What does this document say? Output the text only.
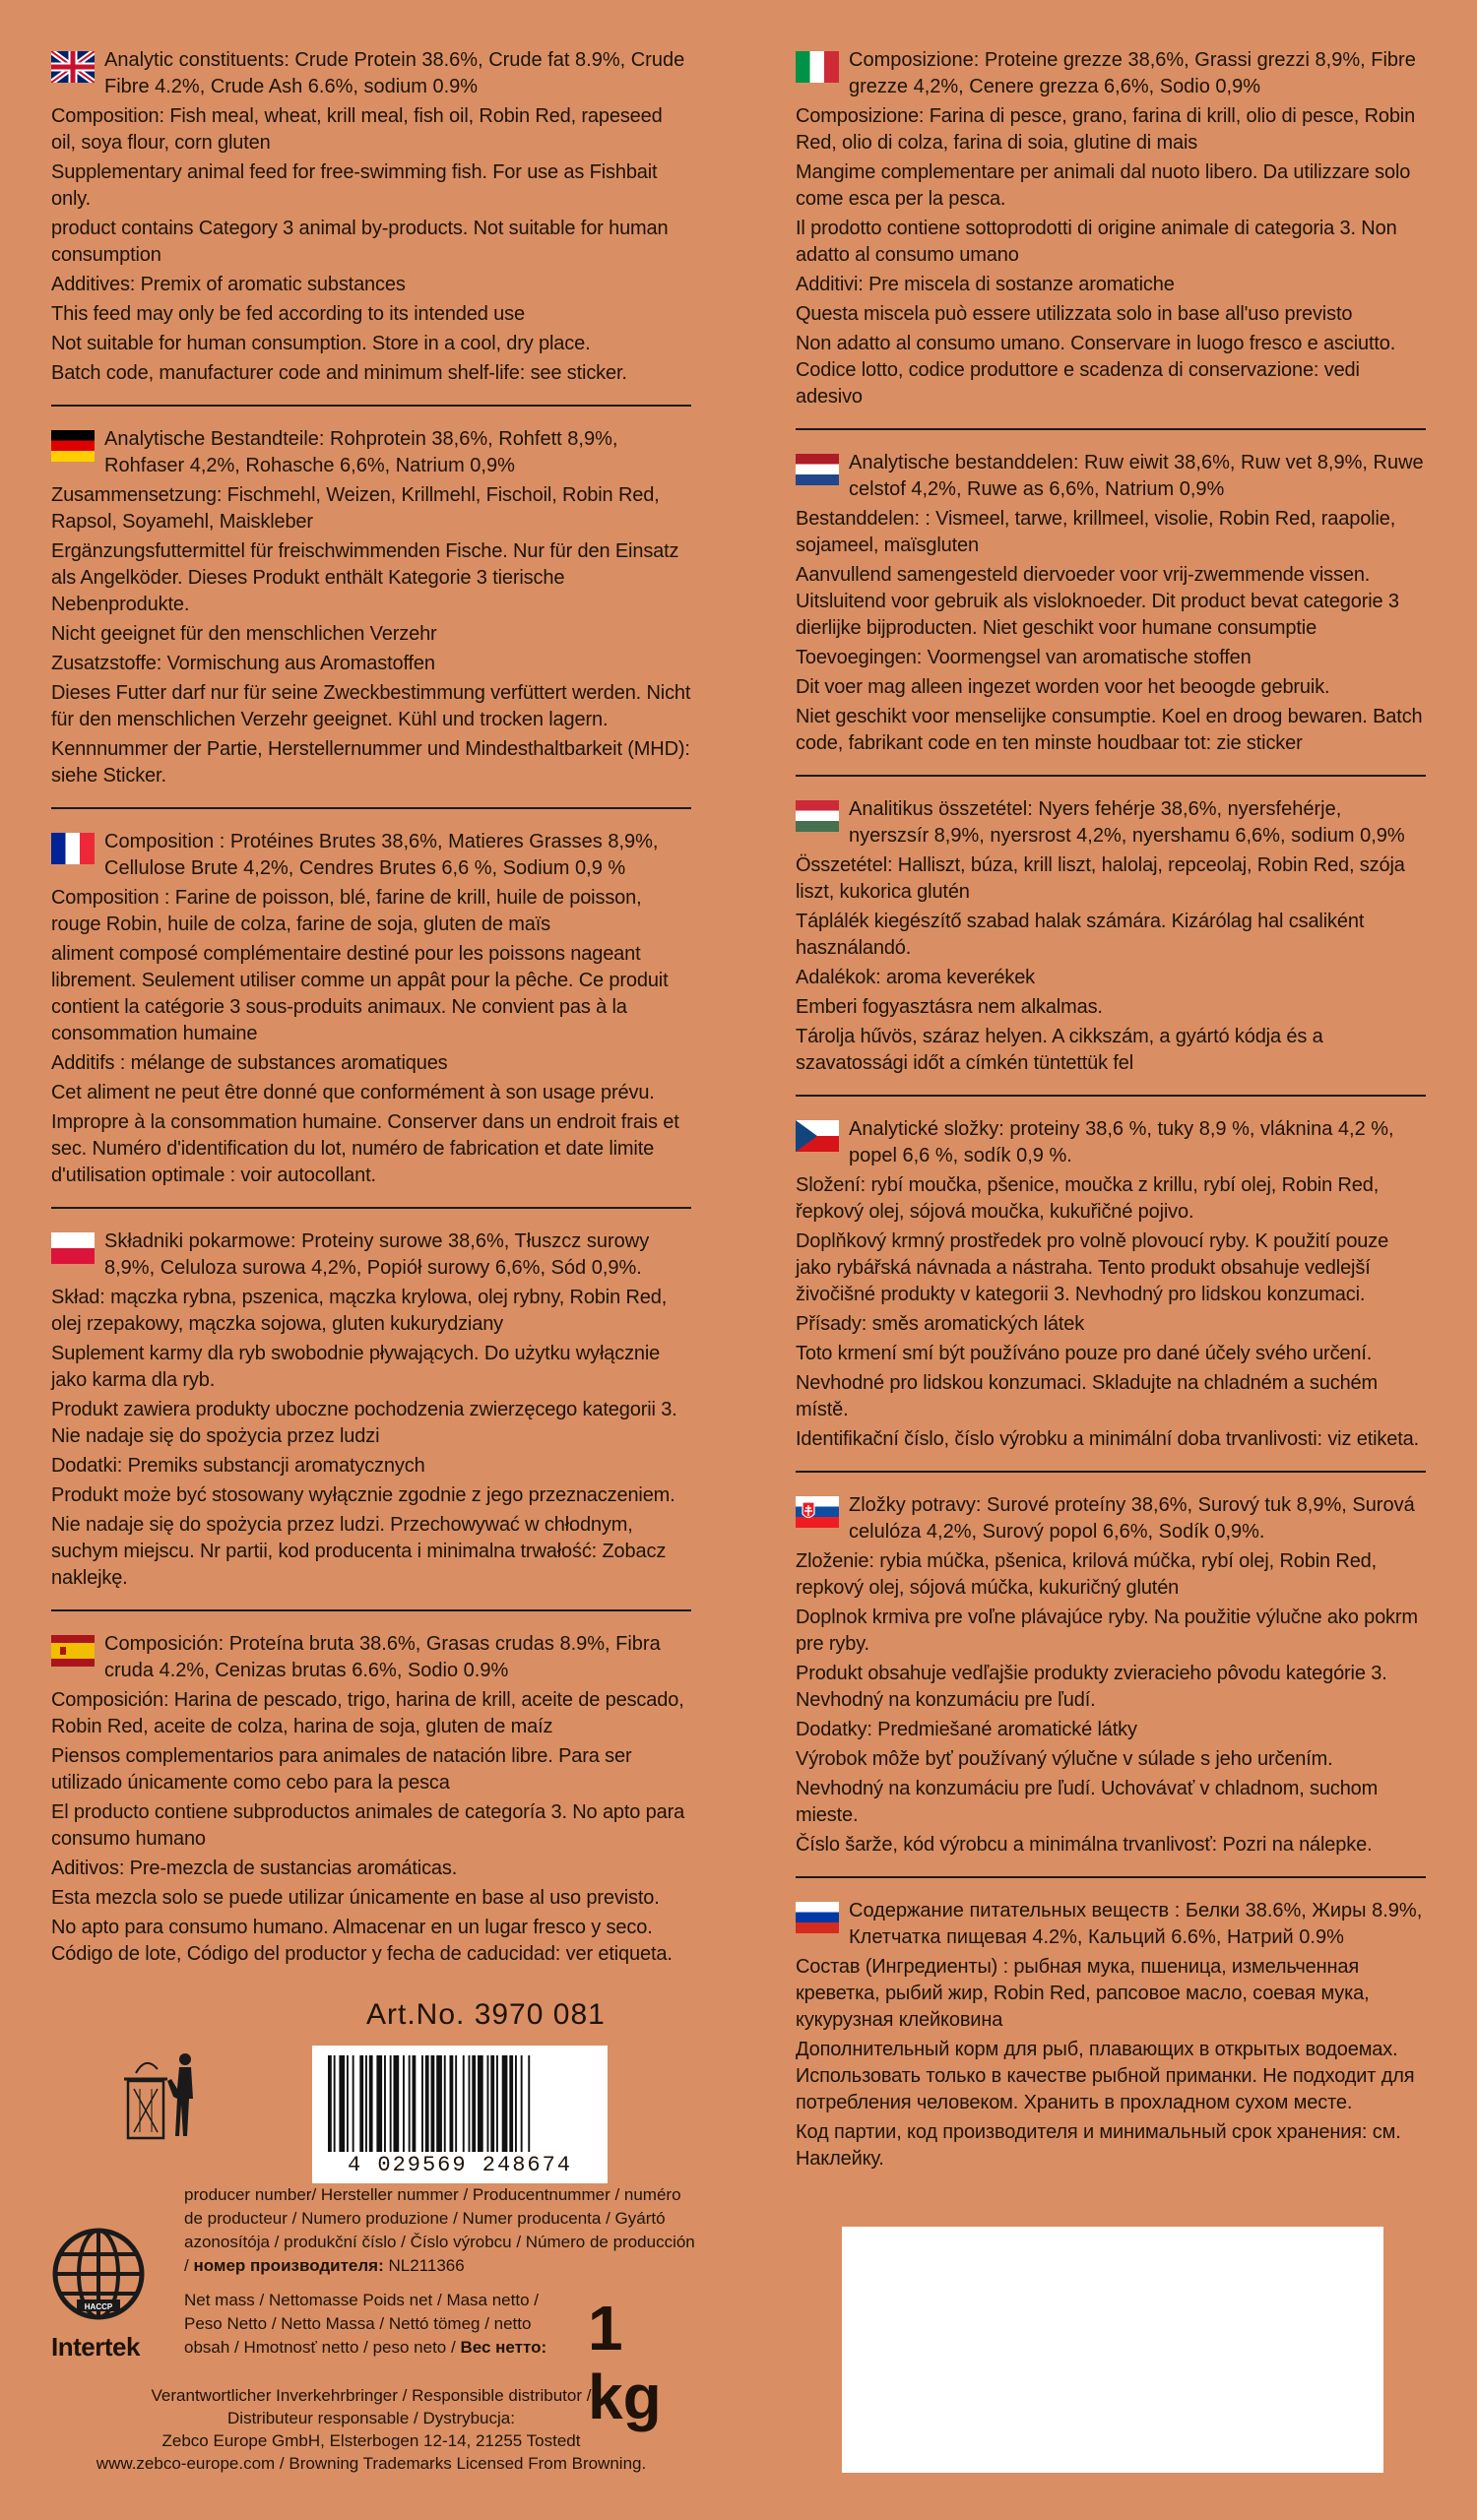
Analytic constituents: Crude Protein 38.6%, Crude fat 8.9%, Crude Fibre 4.2%, Crude Ash 6.6%, sodium 0.9%
Composition: Fish meal, wheat, krill meal, fish oil, Robin Red, rapeseed oil, soya flour, corn gluten
Supplementary animal feed for free-swimming fish. For use as Fishbait only.
product contains Category 3 animal by-products. Not suitable for human consumption
Additives: Premix of aromatic substances
This feed may only be fed according to its intended use
Not suitable for human consumption. Store in a cool, dry place.
Batch code, manufacturer code and minimum shelf-life: see sticker.
Analytische Bestandteile: Rohprotein 38,6%, Rohfett 8,9%, Rohfaser 4,2%, Rohasche 6,6%, Natrium 0,9%
Zusammensetzung: Fischmehl, Weizen, Krillmehl, Fischoil, Robin Red, Rapsol, Soyamehl, Maiskleber
Ergänzungsfuttermittel für freischwimmenden Fische. Nur für den Einsatz als Angelköder. Dieses Produkt enthält Kategorie 3 tierische Nebenprodukte.
Nicht geeignet für den menschlichen Verzehr
Zusatzstoffe: Vormischung aus Aromastoffen
Dieses Futter darf nur für seine Zweckbestimmung verfüttert werden. Nicht für den menschlichen Verzehr geeignet. Kühl und trocken lagern.
Kennnummer der Partie, Herstellernummer und Mindesthaltbarkeit (MHD): siehe Sticker.
Composition : Protéines Brutes 38,6%, Matieres Grasses 8,9%, Cellulose Brute 4,2%, Cendres Brutes 6,6 %, Sodium 0,9 %
Composition : Farine de poisson, blé, farine de krill, huile de poisson, rouge Robin, huile de colza, farine de soja, gluten de maïs
aliment composé complémentaire destiné pour les poissons nageant librement. Seulement utiliser comme un appât pour la pêche. Ce produit contient la catégorie 3 sous-produits animaux. Ne convient pas à la consommation humaine
Additifs : mélange de substances aromatiques
Cet aliment ne peut être donné que conformément à son usage prévu.
Impropre à la consommation humaine. Conserver dans un endroit frais et sec. Numéro d'identification du lot, numéro de fabrication et date limite d'utilisation optimale : voir autocollant.
Składniki pokarmowe: Proteiny surowe 38,6%, Tłuszcz surowy 8,9%, Celuloza surowa 4,2%, Popiół surowy 6,6%, Sód 0,9%.
Skład: mączka rybna, pszenica, mączka krylowa, olej rybny, Robin Red, olej rzepakowy, mączka sojowa, gluten kukurydziany
Suplement karmy dla ryb swobodnie pływających. Do użytku wyłącznie jako karma dla ryb.
Produkt zawiera produkty uboczne pochodzenia zwierzęcego kategorii 3. Nie nadaje się do spożycia przez ludzi
Dodatki: Premiks substancji aromatycznych
Produkt może być stosowany wyłącznie zgodnie z jego przeznaczeniem.
Nie nadaje się do spożycia przez ludzi. Przechowywać w chłodnym, suchym miejscu. Nr partii, kod producenta i minimalna trwałość: Zobacz naklejkę.
Composición: Proteína bruta 38.6%, Grasas crudas 8.9%, Fibra cruda 4.2%, Cenizas brutas 6.6%, Sodio 0.9%
Composición: Harina de pescado, trigo, harina de krill, aceite de pescado, Robin Red, aceite de colza, harina de soja, gluten de maíz
Piensos complementarios para animales de natación libre. Para ser utilizado únicamente como cebo para la pesca
El producto contiene subproductos animales de categoría 3. No apto para consumo humano
Aditivos: Pre-mezcla de sustancias aromáticas.
Esta mezcla solo se puede utilizar únicamente en base al uso previsto.
No apto para consumo humano. Almacenar en un lugar fresco y seco. Código de lote, Código del productor y fecha de caducidad: ver etiqueta.
Composizione: Proteine grezze 38,6%, Grassi grezzi 8,9%, Fibre grezze 4,2%, Cenere grezza 6,6%, Sodio 0,9%
Composizione: Farina di pesce, grano, farina di krill, olio di pesce, Robin Red, olio di colza, farina di soia, glutine di mais
Mangime complementare per animali dal nuoto libero. Da utilizzare solo come esca per la pesca.
Il prodotto contiene sottoprodotti di origine animale di categoria 3. Non adatto al consumo umano
Additivi: Pre miscela di sostanze aromatiche
Questa miscela può essere utilizzata solo in base all'uso previsto
Non adatto al consumo umano. Conservare in luogo fresco e asciutto. Codice lotto, codice produttore e scadenza di conservazione: vedi adesivo
Analytische bestanddelen: Ruw eiwit 38,6%, Ruw vet 8,9%, Ruwe celstof 4,2%, Ruwe as 6,6%, Natrium 0,9%
Bestanddelen: : Vismeel, tarwe, krillmeel, visolie, Robin Red, raapolie, sojameel, maïsgluten
Aanvullend samengesteld diervoeder voor vrij-zwemmende vissen. Uitsluitend voor gebruik als visloknoeder. Dit product bevat categorie 3 dierlijke bijproducten. Niet geschikt voor humane consumptie
Toevoegingen: Voormengsel van aromatische stoffen
Dit voer mag alleen ingezet worden voor het beoogde gebruik.
Niet geschikt voor menselijke consumptie. Koel en droog bewaren. Batch code, fabrikant code en ten minste houdbaar tot: zie sticker
Analitikus összetétel: Nyers fehérje 38,6%, nyersfehérje, nyerszsír 8,9%, nyersrost 4,2%, nyershamu 6,6%, sodium 0,9%
Összetétel: Halliszt, búza, krill liszt, halolaj, repceolaj, Robin Red, szója liszt, kukorica glutén
Táplálék kiegészítő szabad halak számára. Kizárólag hal csaliként használandó.
Adalékok: aroma keverékek
Emberi fogyasztásra nem alkalmas.
Tárolja hűvös, száraz helyen. A cikkszám, a gyártó kódja és a szavatossági időt a címkén tüntettük fel
Analytické složky: proteiny 38,6 %, tuky 8,9 %, vláknina 4,2 %, popel 6,6 %, sodík 0,9 %.
Složení: rybí moučka, pšenice, moučka z krillu, rybí olej, Robin Red, řepkový olej, sójová moučka, kukuřičné pojivo.
Doplňkový krmný prostředek pro volně plovoucí ryby. K použití pouze jako rybářská návnada a nástraha. Tento produkt obsahuje vedlejší živočišné produkty v kategorii 3. Nevhodný pro lidskou konzumaci.
Přísady: směs aromatických látek
Toto krmení smí být používáno pouze pro dané účely svého určení.
Nevhodné pro lidskou konzumaci. Skladujte na chladném a suchém místě.
Identifikační číslo, číslo výrobku a minimální doba trvanlivosti: viz etiketa.
Zložky potravy: Surové proteíny 38,6%, Surový tuk 8,9%, Surová celulóza 4,2%, Surový popol 6,6%, Sodík 0,9%.
Zloženie: rybia múčka, pšenica, krilová múčka, rybí olej, Robin Red, repkový olej, sójová múčka, kukuričný glutén
Doplnok krmiva pre voľne plávajúce ryby. Na použitie výlučne ako pokrm pre ryby.
Produkt obsahuje vedľajšie produkty zvieracieho pôvodu kategórie 3. Nevhodný na konzumáciu pre ľudí.
Dodatky: Predmiešané aromatické látky
Výrobok môže byť používaný výlučne v súlade s jeho určením.
Nevhodný na konzumáciu pre ľudí. Uchovávať v chladnom, suchom mieste.
Číslo šarže, kód výrobcu a minimálna trvanlivosť: Pozri na nálepke.
Содержание питательных веществ : Белки 38.6%, Жиры 8.9%, Клетчатка пищевая 4.2%, Кальций 6.6%, Натрий 0.9%
Состав (Ингредиенты) : рыбная мука, пшеница, измельченная креветка, рыбий жир, Robin Red, рапсовое масло, соевая мука, кукурузная клейковина
Дополнительный корм для рыб, плавающих в открытых водоемах. Использовать только в качестве рыбной приманки. Не подходит для потребления человеком. Хранить в прохладном сухом месте.
Код партии, код производителя и минимальный срок хранения: см. Наклейку.
Art.No. 3970 081
4 029569 248674
producer number/ Hersteller nummer / Producentnummer / numéro de producteur / Numero produzione / Numer producenta / Gyártó azonosítója / produkční číslo / Číslo výrobcu / Número de producción / номер производителя: NL211366
HACCP
Intertek
Net mass / Nettomasse Poids net / Masa netto / Peso Netto / Netto Massa / Nettó tömeg / netto obsah / Hmotnosť netto / peso neto / Вес нетто: 1 kg
Verantwortlicher Inverkehrbringer / Responsible distributor /
Distributeur responsable / Dystrybucja:
Zebco Europe GmbH, Elsterbogen 12-14, 21255 Tostedt
www.zebco-europe.com / Browning Trademarks Licensed From Browning.
